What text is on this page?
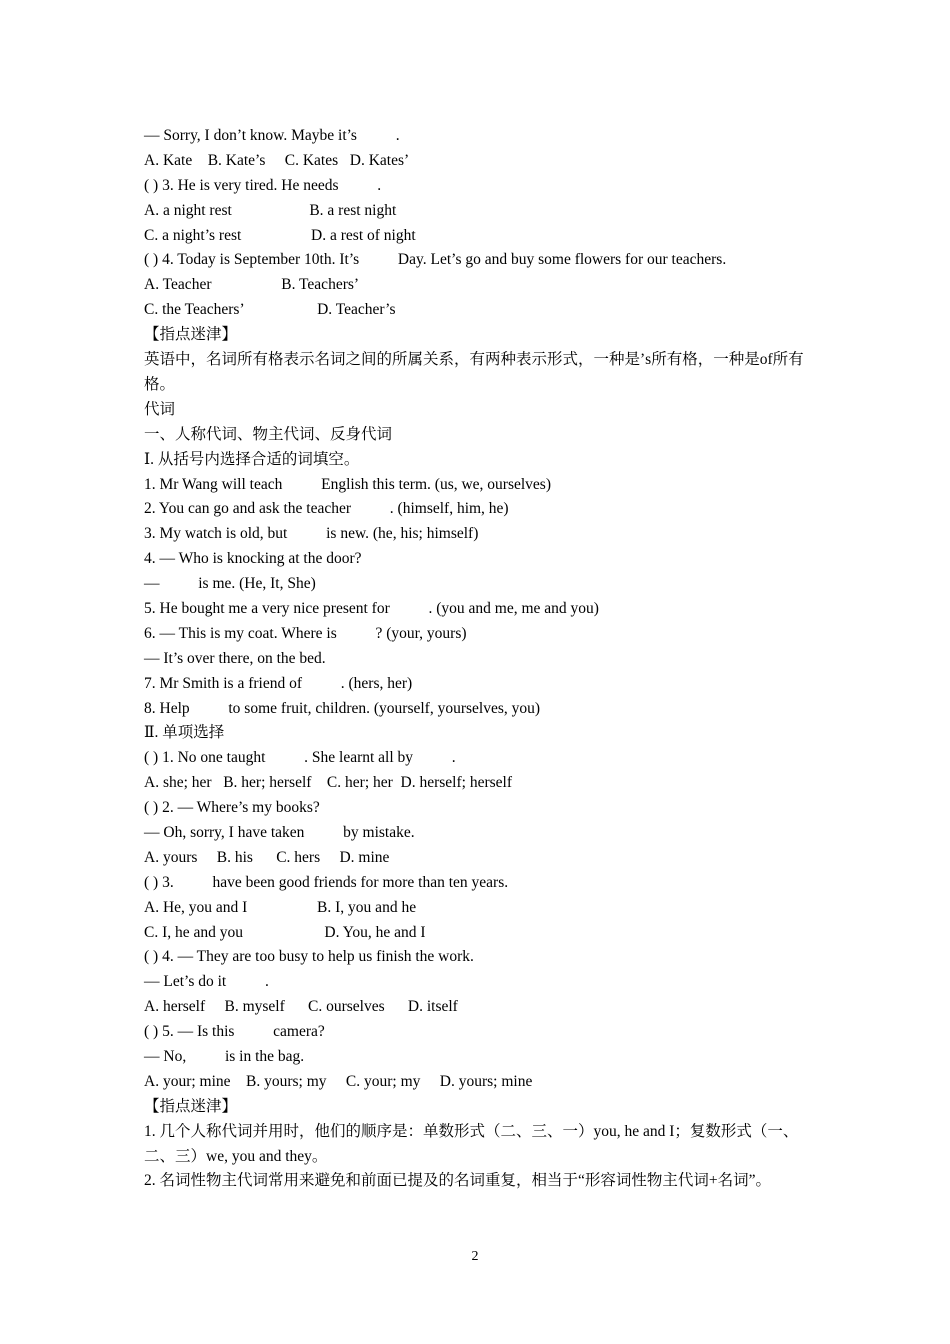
— Sorry, I don’t know. Maybe it’s          .
A. Kate    B. Kate’s     C. Kates   D. Kates’
( ) 3. He is very tired. He needs          .
A. a night rest                    B. a rest night
C. a night’s rest                  D. a rest of night
( ) 4. Today is September 10th. It’s          Day. Let’s go and buy some flowers for our teachers.
A. Teacher                  B. Teachers’
C. the Teachers’                   D. Teacher’s
【指点迷津】
英语中，名词所有格表示名词之间的所属关系，有两种表示形式，一种是’s所有格，一种是of所有格。
代词
一、人称代词、物主代词、反身代词
Ⅰ. 从括号内选择合适的词填空。
1. Mr Wang will teach          English this term. (us, we, ourselves)
2. You can go and ask the teacher          . (himself, him, he)
3. My watch is old, but          is new. (he, his; himself)
4. — Who is knocking at the door?
—          is me. (He, It, She)
5. He bought me a very nice present for          . (you and me, me and you)
6. — This is my coat. Where is          ? (your, yours)
— It’s over there, on the bed.
7. Mr Smith is a friend of          . (hers, her)
8. Help          to some fruit, children. (yourself, yourselves, you)
Ⅱ. 单项选择
( ) 1. No one taught          . She learnt all by          .
A. she; her   B. her; herself    C. her; her  D. herself; herself
( ) 2. — Where’s my books?
— Oh, sorry, I have taken          by mistake.
A. yours     B. his      C. hers     D. mine
( ) 3.          have been good friends for more than ten years.
A. He, you and I                  B. I, you and he
C. I, he and you                     D. You, he and I
( ) 4. — They are too busy to help us finish the work.
— Let’s do it          .
A. herself     B. myself      C. ourselves      D. itself
( ) 5. — Is this          camera?
— No,          is in the bag.
A. your; mine    B. yours; my     C. your; my     D. yours; mine
【指点迷津】
1. 几个人称代词并用时，他们的顺序是：单数形式（二、三、一）you, he and I；复数形式（一、二、三）we, you and they。
2. 名词性物主代词常用来避免和前面已提及的名词重复，相当于“形容词性物主代词+名词”。
2
